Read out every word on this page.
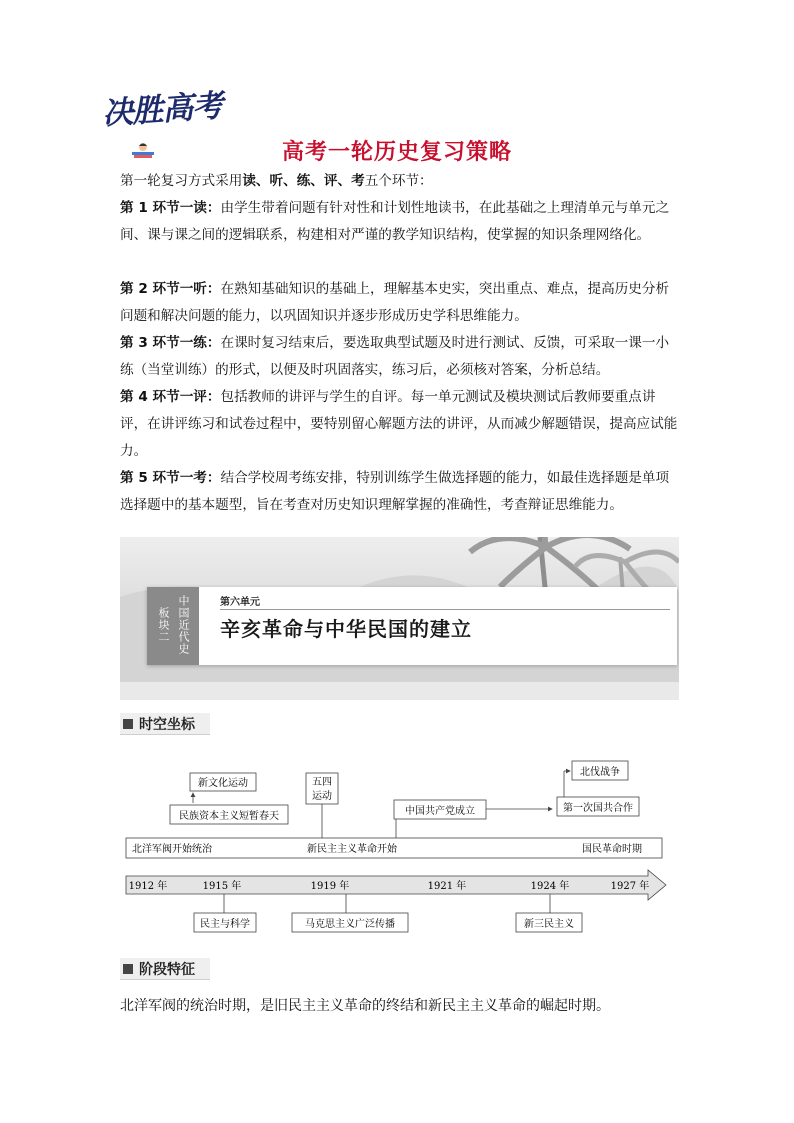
决胜高考
高考一轮历史复习策略
第一轮复习方式采用读、听、练、评、考五个环节：
第 1 环节一读：由学生带着问题有针对性和计划性地读书，在此基础之上理清单元与单元之间、课与课之间的逻辑联系，构建相对严谨的教学知识结构，使掌握的知识条理网络化。
第 2 环节一听：在熟知基础知识的基础上，理解基本史实，突出重点、难点，提高历史分析问题和解决问题的能力，以巩固知识并逐步形成历史学科思维能力。
第 3 环节一练：在课时复习结束后，要选取典型试题及时进行测试、反馈，可采取一课一小练（当堂训练）的形式，以便及时巩固落实，练习后，必须核对答案，分析总结。
第 4 环节一评：包括教师的讲评与学生的自评。每一单元测试及模块测试后教师要重点讲评，在讲评练习和试卷过程中，要特别留心解题方法的讲评，从而减少解题错误，提高应试能力。
第 5 环节一考：结合学校周考练安排，特别训练学生做选择题的能力，如最佳选择题是单项选择题中的基本题型，旨在考查对历史知识理解掌握的准确性，考查辩证思维能力。
中国近代史
板块二
第六单元
辛亥革命与中华民国的建立
时空坐标
新文化运动
民族资本主义短暂春天
五四
运动
中国共产党成立
北伐战争
第一次国共合作
北洋军阀开始统治	新民主主义革命开始	国民革命时期
1912 年	1915 年	1919 年	1921 年	1924 年	1927 年
民主与科学	马克思主义广泛传播	新三民主义
阶段特征
北洋军阀的统治时期，是旧民主主义革命的终结和新民主主义革命的崛起时期。
